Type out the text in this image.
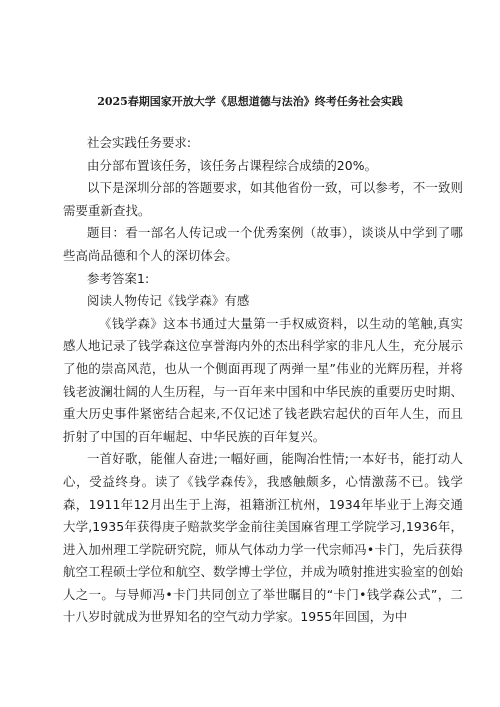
2025春期国家开放大学《思想道德与法治》终考任务社会实践

社会实践任务要求:

由分部布置该任务，该任务占课程综合成绩的20%。

以下是深圳分部的答题要求，如其他省份一致，可以参考，不一致则需要重新查找。

题目：看一部名人传记或一个优秀案例（故事），谈谈从中学到了哪些高尚品德和个人的深切体会。

参考答案1:

阅读人物传记《钱学森》有感

《钱学森》这本书通过大量第一手权威资料，以生动的笔触,真实感人地记录了钱学森这位享誉海内外的杰出科学家的非凡人生，充分展示了他的崇高风范，也从一个侧面再现了两弹一星”伟业的光辉历程，并将钱老波澜壮阔的人生历程，与一百年来中国和中华民族的重要历史时期、重大历史事件紧密结合起来,不仅记述了钱老跌宕起伏的百年人生，而且折射了中国的百年崛起、中华民族的百年复兴。

一首好歌，能催人奋进;一幅好画，能陶冶性情;一本好书，能打动人心，受益终身。读了《钱学森传》，我感触颇多，心情激荡不已。钱学森，1911年12月出生于上海，祖籍浙江杭州，1934年毕业于上海交通大学,1935年获得庚子赔款奖学金前往美国麻省理工学院学习,1936年，进入加州理工学院研究院，师从气体动力学一代宗师冯•卡门，先后获得航空工程硕士学位和航空、数学博士学位，并成为喷射推进实验室的创始人之一。与导师冯•卡门共同创立了举世瞩目的“卡门•钱学森公式”，二十八岁时就成为世界知名的空气动力学家。1955年回国，为中
